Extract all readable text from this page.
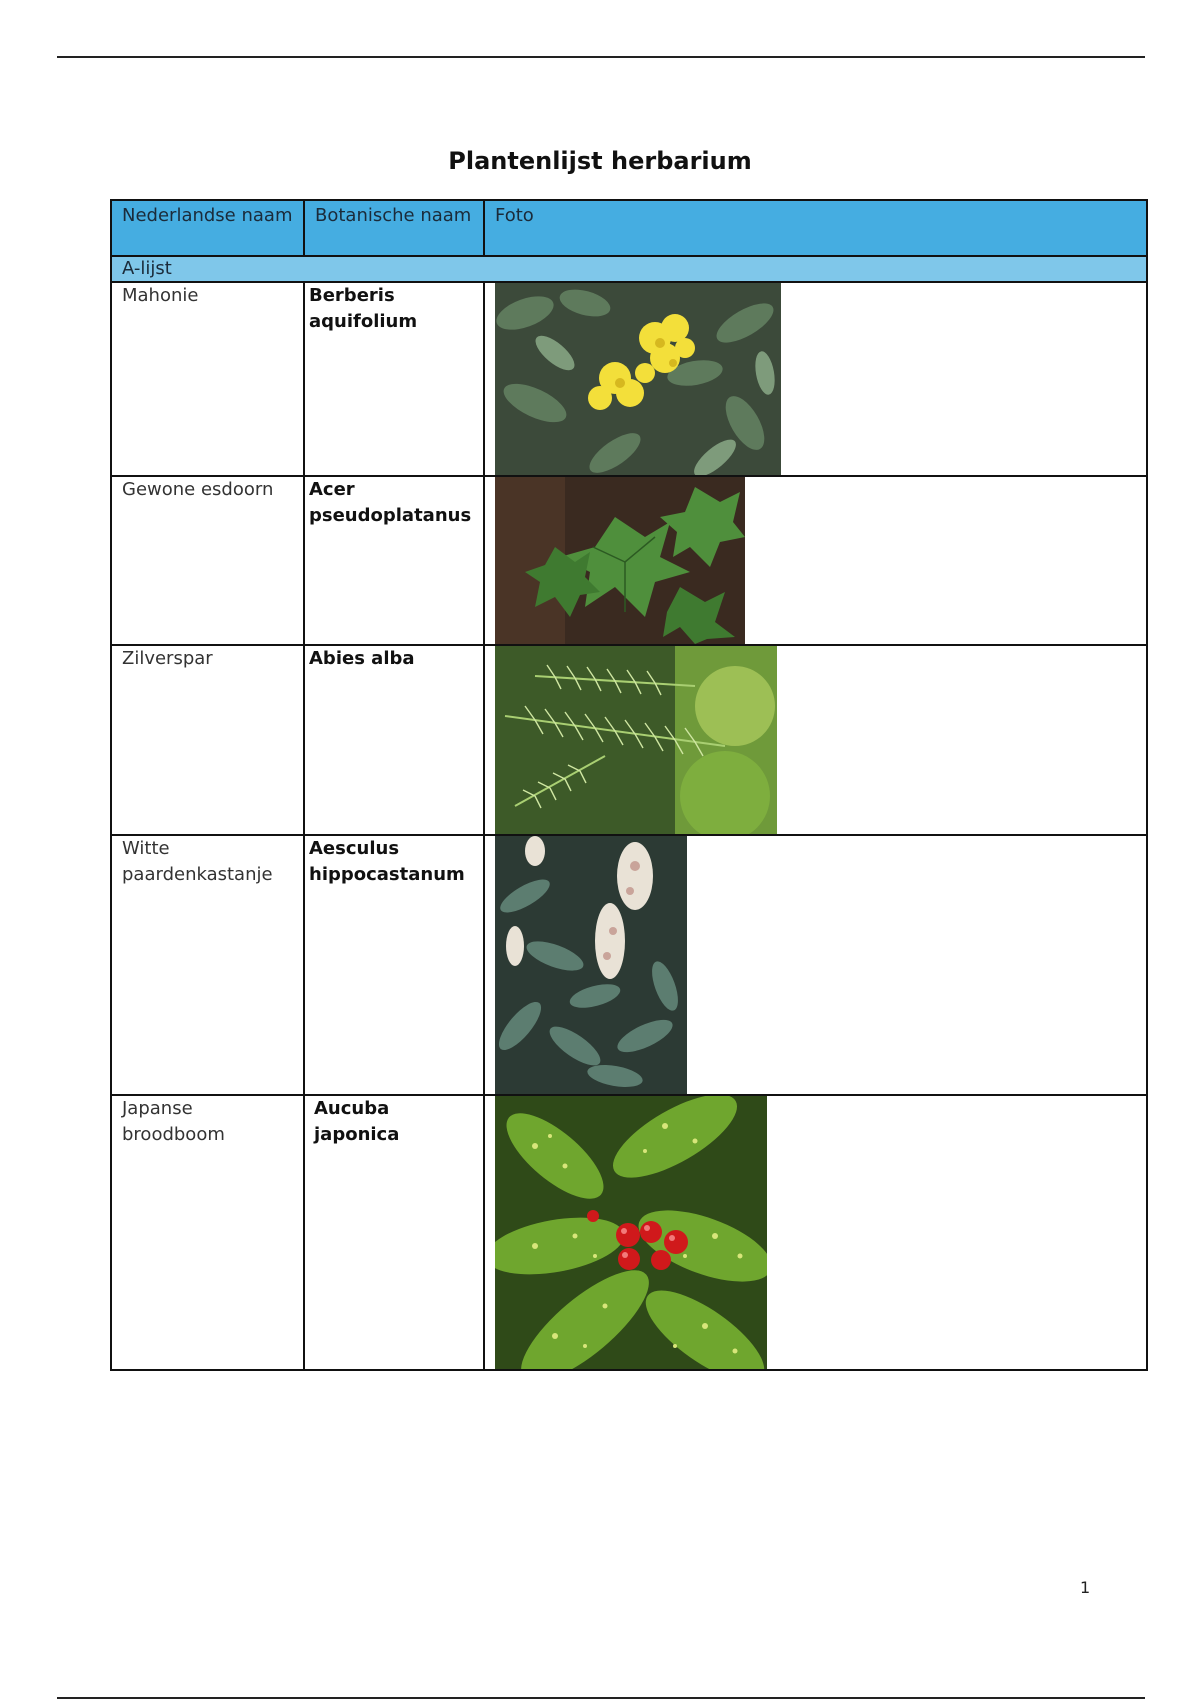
Plantenlijst herbarium
Nederlandse naam	Botanische naam	Foto
A-lijst		
Mahonie	Berberis aquifolium	

Gewone esdoorn	Acer pseudoplatanus	

Zilverspar	Abies alba	

Witte paardenkastanje	Aesculus hippocastanum	

Japanse broodboom	Aucuba japonica	
1
